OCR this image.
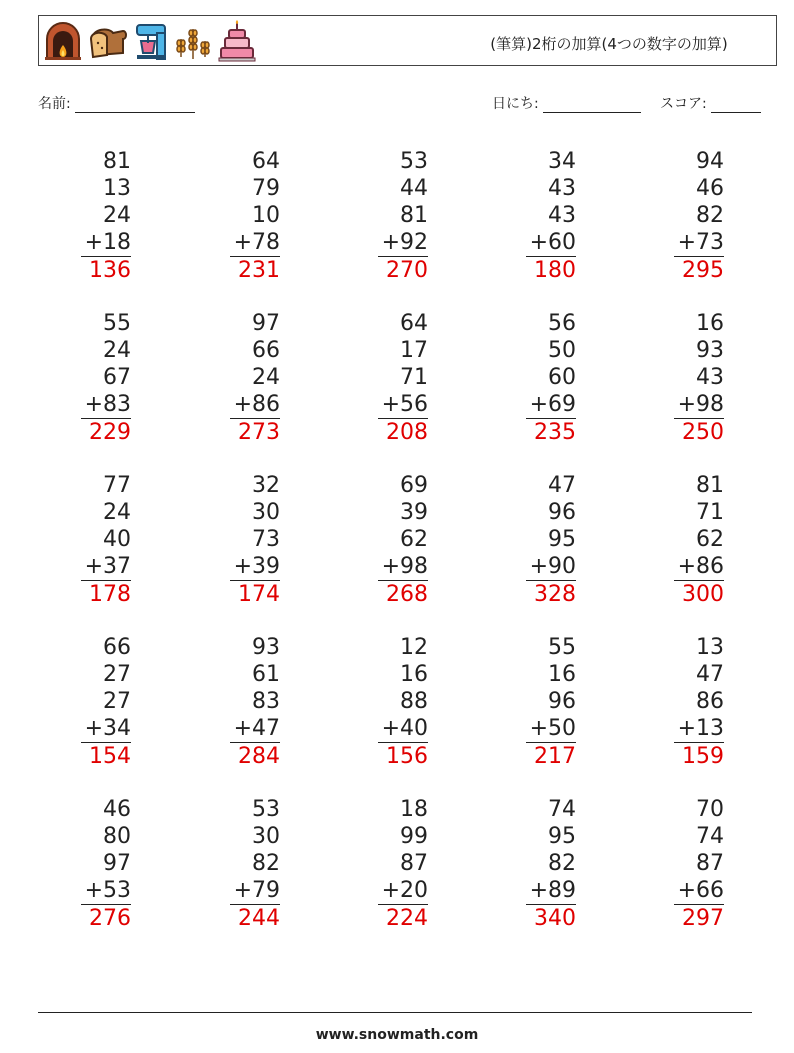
(筆算)2桁の加算(4つの数字の加算)
名前:	日にち:	スコア:
81
13
24
+18
136
64
79
10
+78
231
53
44
81
+92
270
34
43
43
+60
180
94
46
82
+73
295
55
24
67
+83
229
97
66
24
+86
273
64
17
71
+56
208
56
50
60
+69
235
16
93
43
+98
250
77
24
40
+37
178
32
30
73
+39
174
69
39
62
+98
268
47
96
95
+90
328
81
71
62
+86
300
66
27
27
+34
154
93
61
83
+47
284
12
16
88
+40
156
55
16
96
+50
217
13
47
86
+13
159
46
80
97
+53
276
53
30
82
+79
244
18
99
87
+20
224
74
95
82
+89
340
70
74
87
+66
297
www.snowmath.com
